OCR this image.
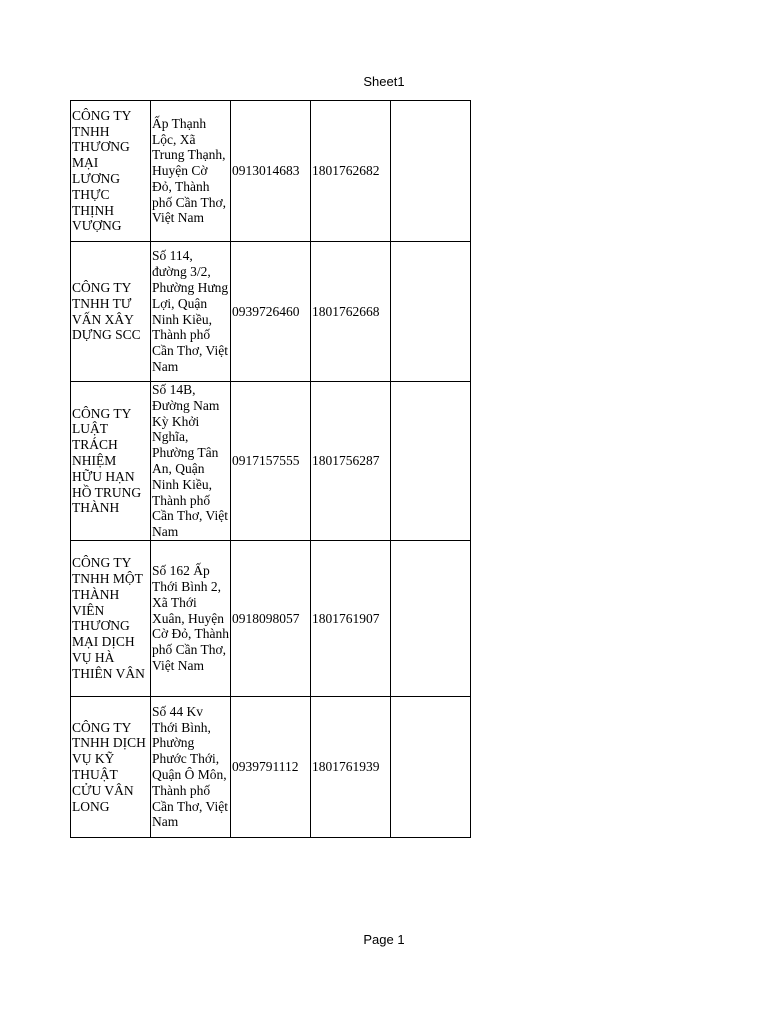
Sheet1
CÔNG TY TNHH THƯƠNG MẠI LƯƠNG THỰC THỊNH VƯỢNG	Ấp Thạnh Lộc, Xã Trung Thạnh, Huyện Cờ Đỏ, Thành phố Cần Thơ, Việt Nam	0913014683	1801762682	
CÔNG TY TNHH TƯ VẤN XÂY DỰNG SCC	Số 114, đường 3/2, Phường Hưng Lợi, Quận Ninh Kiều, Thành phố Cần Thơ, Việt Nam	0939726460	1801762668	
CÔNG TY LUẬT TRÁCH NHIỆM HỮU HẠN HỒ TRUNG THÀNH	Số 14B, Đường Nam Kỳ Khởi Nghĩa, Phường Tân An, Quận Ninh Kiều, Thành phố Cần Thơ, Việt Nam	0917157555	1801756287	
CÔNG TY TNHH MỘT THÀNH VIÊN THƯƠNG MẠI DỊCH VỤ HÀ THIÊN VÂN	Số 162 Ấp Thới Bình 2, Xã Thới Xuân, Huyện Cờ Đỏ, Thành phố Cần Thơ, Việt Nam	0918098057	1801761907	
CÔNG TY TNHH DỊCH VỤ KỸ THUẬT CỬU VÂN LONG	Số 44 Kv Thới Bình, Phường Phước Thới, Quận Ô Môn, Thành phố Cần Thơ, Việt Nam	0939791112	1801761939	
Page 1
